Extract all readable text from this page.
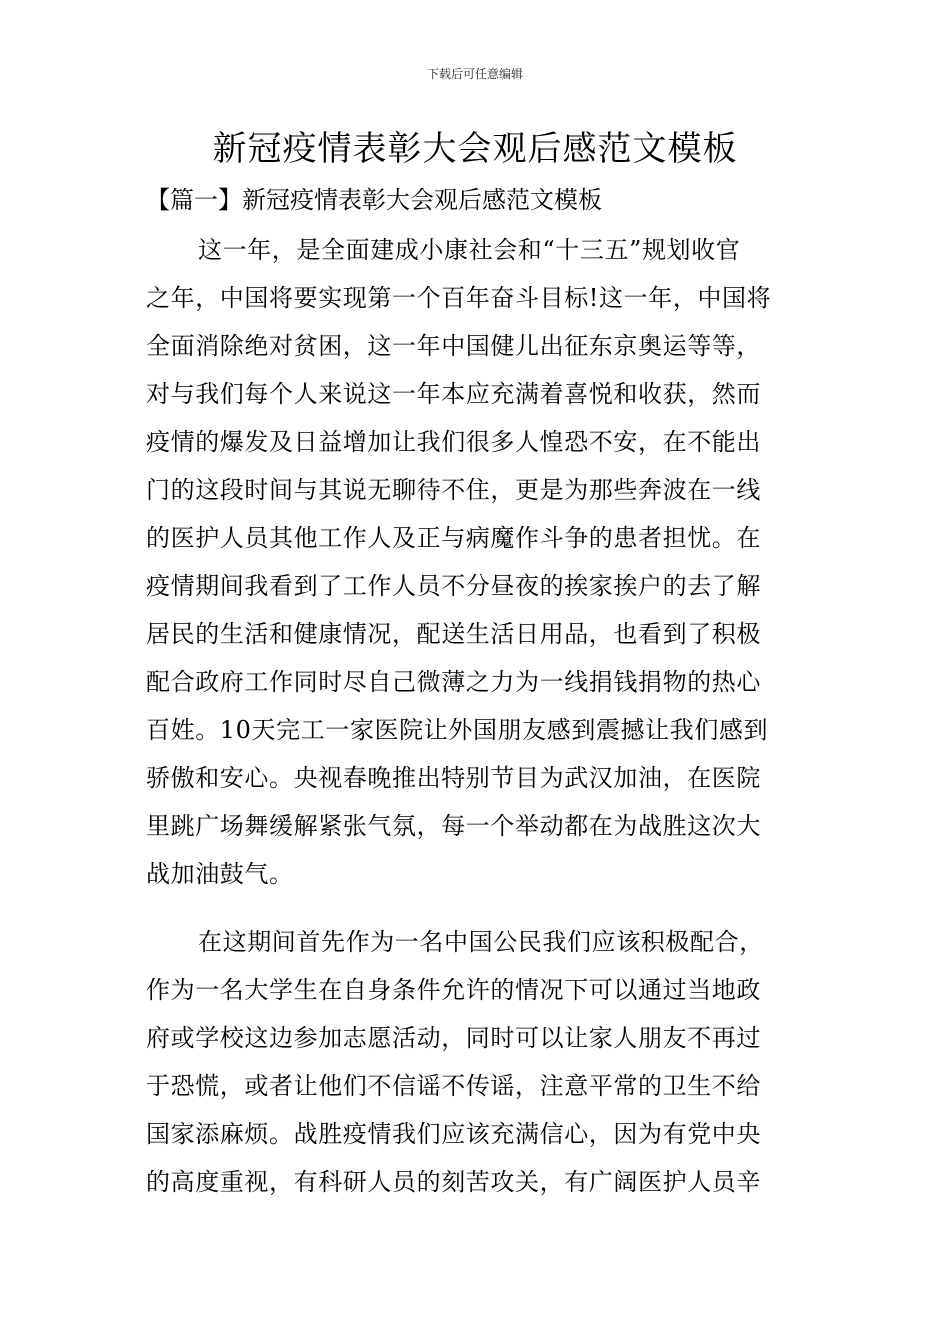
下载后可任意编辑
新冠疫情表彰大会观后感范文模板
【篇一】新冠疫情表彰大会观后感范文模板
这一年，是全面建成小康社会和“十三五”规划收官
之年，中国将要实现第一个百年奋斗目标!这一年，中国将
全面消除绝对贫困，这一年中国健儿出征东京奥运等等，
对与我们每个人来说这一年本应充满着喜悦和收获，然而
疫情的爆发及日益增加让我们很多人惶恐不安，在不能出
门的这段时间与其说无聊待不住，更是为那些奔波在一线
的医护人员其他工作人及正与病魔作斗争的患者担忧。在
疫情期间我看到了工作人员不分昼夜的挨家挨户的去了解
居民的生活和健康情况，配送生活日用品，也看到了积极
配合政府工作同时尽自己微薄之力为一线捐钱捐物的热心
百姓。10天完工一家医院让外国朋友感到震撼让我们感到
骄傲和安心。央视春晚推出特别节目为武汉加油，在医院
里跳广场舞缓解紧张气氛，每一个举动都在为战胜这次大
战加油鼓气。
在这期间首先作为一名中国公民我们应该积极配合，
作为一名大学生在自身条件允许的情况下可以通过当地政
府或学校这边参加志愿活动，同时可以让家人朋友不再过
于恐慌，或者让他们不信谣不传谣，注意平常的卫生不给
国家添麻烦。战胜疫情我们应该充满信心，因为有党中央
的高度重视，有科研人员的刻苦攻关，有广阔医护人员辛
